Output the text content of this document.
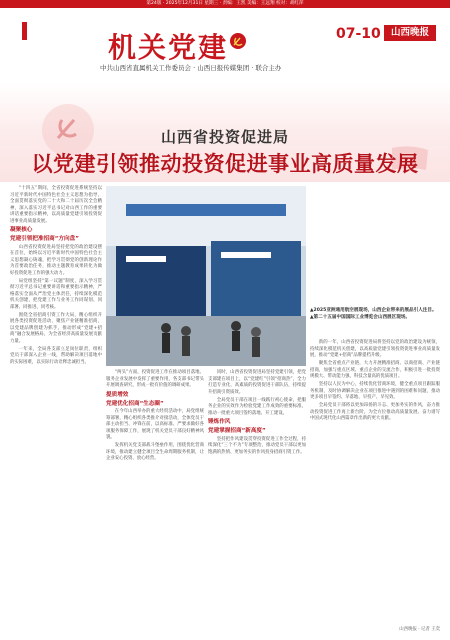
第24版 · 2025年12月31日 星期三 · 责编：王凯 美编：王远翔 校对：胡红萍
机关党建
中共山西省直属机关工作委员会 · 山西日报传媒集团 · 联合主办
07-10	山西晚报
山西省投资促进局
以党建引领推动投资促进事业高质量发展
▲2025亚洲通用航空展现场，山西企业带来的展品引人注目。
▲第二十五届中国国际工业博览会山西展区现场。

“十四五”期间，全省投资促进系统坚持以习近平新时代中国特色社会主义思想为指导，全面贯彻落实党的二十大和二十届历次全会精神，深入落实习近平总书记对山西工作的重要讲话重要指示精神，以高质量党建引领投资促进事业高质量发展。

凝聚核心

党建引领把准招商“方向盘”

山西省投资促进局坚持把党的政治建设摆在首位，始终以习近平新时代中国特色社会主义思想凝心铸魂，把学习贯彻党的创新理论作为首要政治任务，推动主题教育成果转化为做好投资促进工作的强大动力。

局党组坚持“第一议题”制度，深入学习贯彻习近平总书记重要讲话和重要指示精神，严格落实全面从严治党主体责任，持续深化模范机关创建，把党建工作与业务工作同谋划、同部署、同推进、同考核。

围绕全省招商引资工作大局，精心组织开展各类投资促进活动，聚焦产业链精准招商，以党建品牌创建为抓手，推动形成“党建+招商”融合发展格局，为全省经济高质量发展贡献力量。

一年来，全局各支部立足岗位职责，组织党员干部深入企业一线，帮助解决项目落地中的实际困难，以实际行动诠释忠诚担当。

“两头”方面，投资促进工作在推动项目落地、服务企业发展中发挥了重要作用，各支部书记带头开展调查研究，形成一批有价值的调研成果。

提质增效

党建优化招商“生态圈”

在今年山西举办的重大经贸活动中，局党组统筹部署，精心组织各类推介对接活动，全体党员干部主动担当、冲锋在前，以高标准、严要求做好各项服务保障工作，展现了机关党员干部良好精神风貌。

发挥机关党支部战斗堡垒作用，围绕优化营商环境，推动建立健全项目全生命周期服务机制，让企业安心投资、放心经营。

同时，山西省投资促进局坚持党建引领，把党支部建在项目上，以“党建红”引领“招商热”，全力打造专业化、高素质的投资促进干部队伍，持续提升招商引资质效。

全局党员干部在项目一线践行初心使命，把服务企业的实效作为检验党建工作成效的重要标准，推动一批重大项目签约落地、开工建设。

锤炼作风

党建掌握招商“新高度”

坚持把作风建设贯穿投资促进工作全过程，持续深化“三个不为”专项整治，推动党员干部以更加饱满的热情、更加务实的作风投身招商引资工作。

新的一年，山西省投资促进局将坚持以党的政治建设为统领，持续深化模范机关创建，以高质量党建引领投资促进事业高质量发展，推动“党建+招商”品牌提档升级。

聚焦全省重点产业链，大力开展精准招商、以商招商、产业链招商，加强与重点区域、重点企业的交流合作，积极引进一批投资规模大、带动能力强、科技含量高的优质项目。

坚持以人民为中心，持续优化营商环境，健全重点项目跟踪服务机制，及时协调解决企业在项目推进中遇到的困难和问题，推动更多项目早签约、早落地、早投产、早见效。

全局党员干部将以更加昂扬的斗志、更加务实的作风，奋力推动投资促进工作再上新台阶，为全方位推动高质量发展、奋力谱写中国式现代化山西篇章作出新的更大贡献。

山西晚报 · 记者 王奕
